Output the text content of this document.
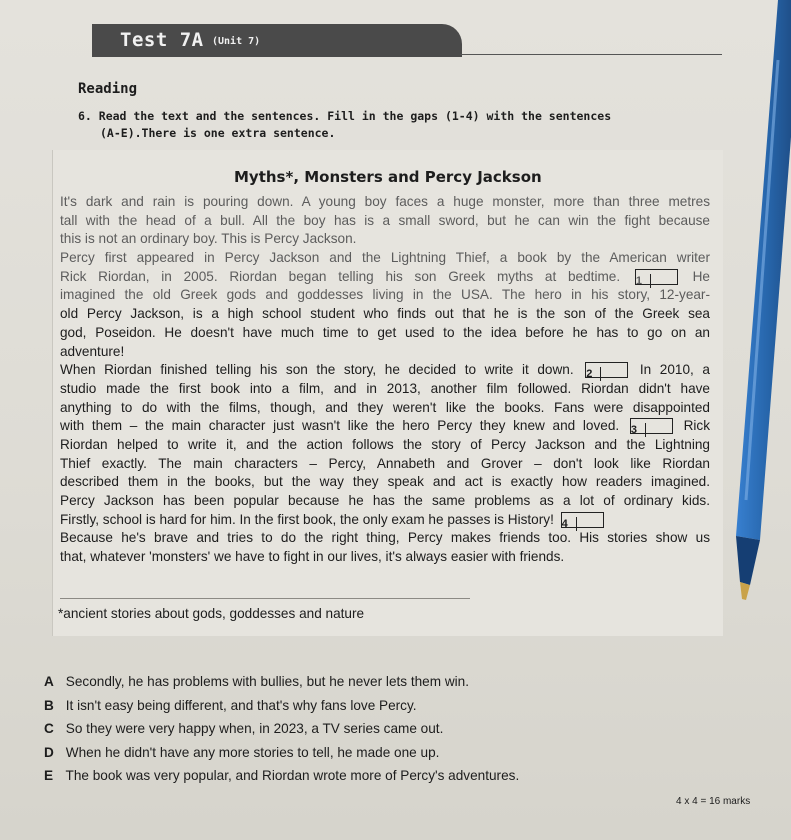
Test 7A (Unit 7)
Reading
6. Read the text and the sentences. Fill in the gaps (1-4) with the sentences
(A-E).There is one extra sentence.
Myths*, Monsters and Percy Jackson
It's dark and rain is pouring down. A young boy faces a huge monster, more than three metres
tall with the head of a bull. All the boy has is a small sword, but he can win the fight because
this is not an ordinary boy. This is Percy Jackson.
Percy first appeared in Percy Jackson and the Lightning Thief, a book by the American writer
Rick Riordan, in 2005. Riordan began telling his son Greek myths at bedtime. 1	He
imagined the old Greek gods and goddesses living in the USA. The hero in his story, 12-year-
old Percy Jackson, is a high school student who finds out that he is the son of the Greek sea
god, Poseidon. He doesn't have much time to get used to the idea before he has to go on an
adventure!
When Riordan finished telling his son the story, he decided to write it down. 2	In 2010, a
studio made the first book into a film, and in 2013, another film followed. Riordan didn't have
anything to do with the films, though, and they weren't like the books. Fans were disappointed
with them – the main character just wasn't like the hero Percy they knew and loved. 3	Rick
Riordan helped to write it, and the action follows the story of Percy Jackson and the Lightning
Thief exactly. The main characters – Percy, Annabeth and Grover – don't look like Riordan
described them in the books, but the way they speak and act is exactly how readers imagined.
Percy Jackson has been popular because he has the same problems as a lot of ordinary kids.
Firstly, school is hard for him. In the first book, the only exam he passes is History! 4
Because he's brave and tries to do the right thing, Percy makes friends too. His stories show us
that, whatever 'monsters' we have to fight in our lives, it's always easier with friends.
*ancient stories about gods, goddesses and nature
A Secondly, he has problems with bullies, but he never lets them win.
B It isn't easy being different, and that's why fans love Percy.
C So they were very happy when, in 2023, a TV series came out.
D When he didn't have any more stories to tell, he made one up.
E The book was very popular, and Riordan wrote more of Percy's adventures.
4 x 4 = 16 marks
